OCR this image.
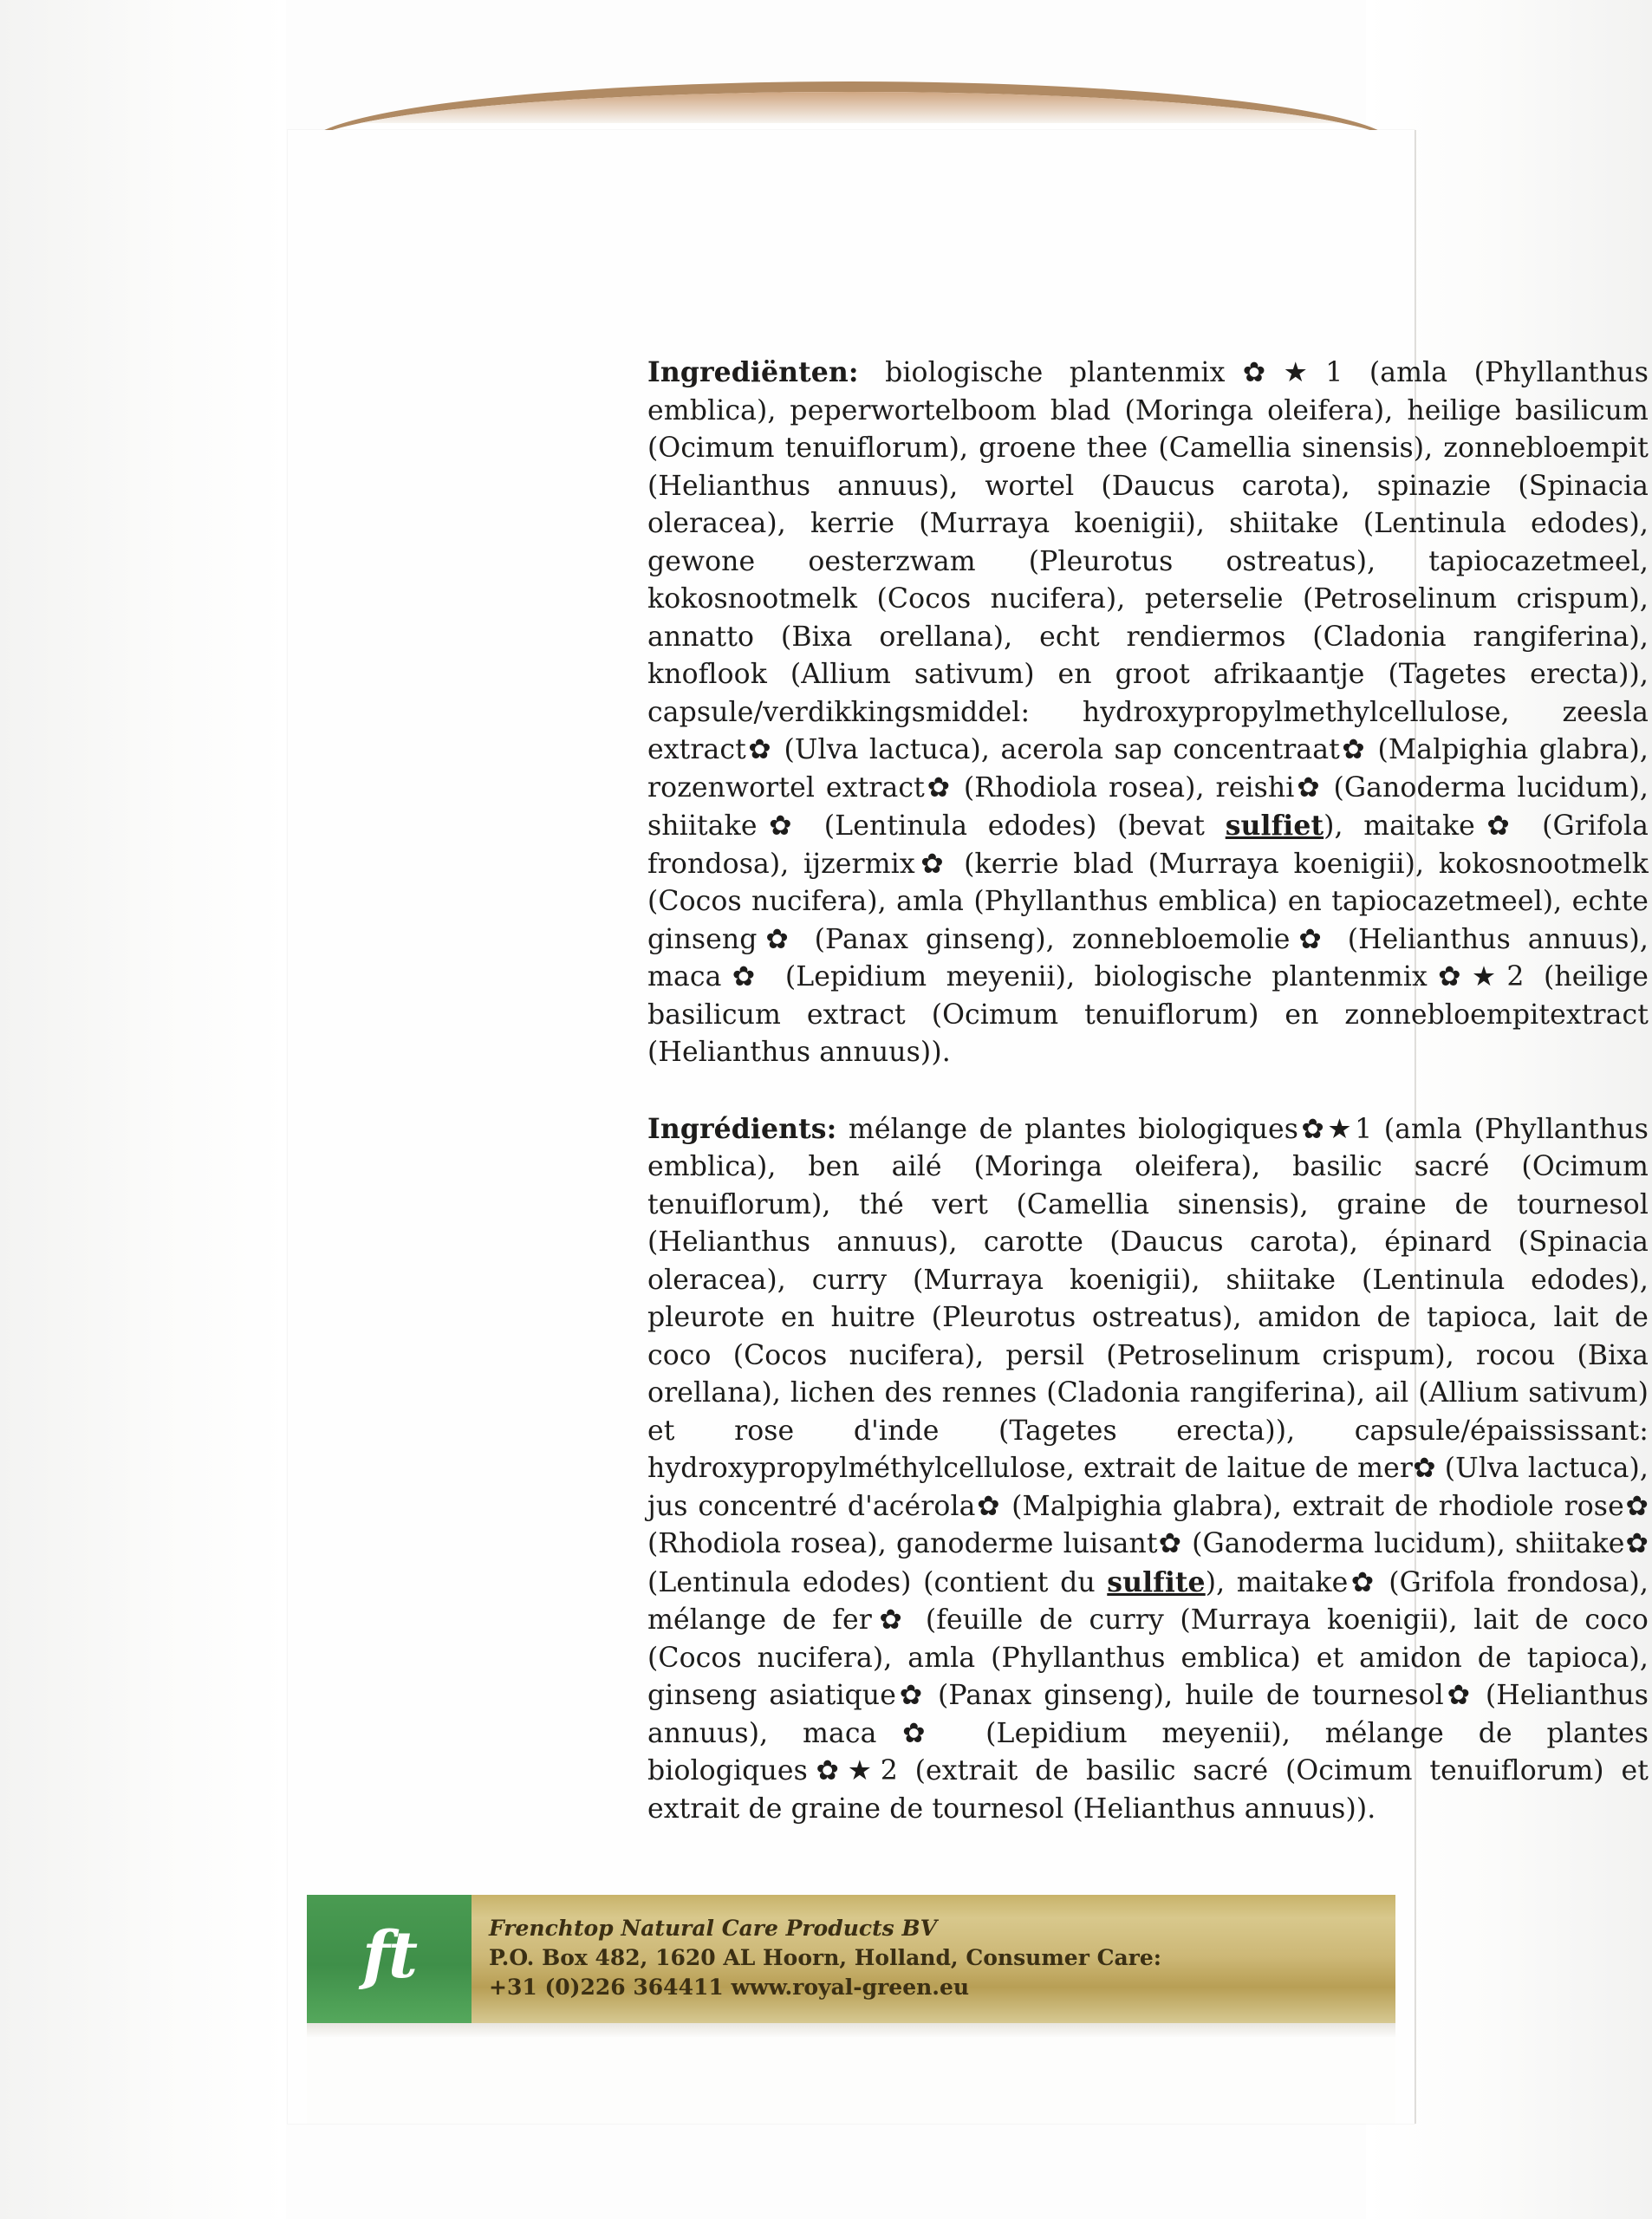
Ingrediënten: biologische plantenmix✿★1 (amla (Phyllanthus emblica), peperwortelboom blad (Moringa oleifera), heilige basilicum (Ocimum tenuiflorum), groene thee (Camellia sinensis), zonnebloempit (Helianthus annuus), wortel (Daucus carota), spinazie (Spinacia oleracea), kerrie (Murraya koenigii), shiitake (Lentinula edodes), gewone oesterzwam (Pleurotus ostreatus), tapiocazetmeel, kokosnootmelk (Cocos nucifera), peterselie (Petroselinum crispum), annatto (Bixa orellana), echt rendiermos (Cladonia rangiferina), knoflook (Allium sativum) en groot afrikaantje (Tagetes erecta)), capsule/verdikkingsmiddel: hydroxypropylmethylcellulose, zeesla extract✿ (Ulva lactuca), acerola sap concentraat✿ (Malpighia glabra), rozenwortel extract✿ (Rhodiola rosea), reishi✿ (Ganoderma lucidum), shiitake✿ (Lentinula edodes) (bevat sulfiet), maitake✿ (Grifola frondosa), ijzermix✿ (kerrie blad (Murraya koenigii), kokosnootmelk (Cocos nucifera), amla (Phyllanthus emblica) en tapiocazetmeel), echte ginseng✿ (Panax ginseng), zonnebloemolie✿ (Helianthus annuus), maca✿ (Lepidium meyenii), biologische plantenmix✿★2 (heilige basilicum extract (Ocimum tenuiflorum) en zonnebloempitextract (Helianthus annuus)).

Ingrédients: mélange de plantes biologiques✿★1 (amla (Phyllanthus emblica), ben ailé (Moringa oleifera), basilic sacré (Ocimum tenuiflorum), thé vert (Camellia sinensis), graine de tournesol (Helianthus annuus), carotte (Daucus carota), épinard (Spinacia oleracea), curry (Murraya koenigii), shiitake (Lentinula edodes), pleurote en huitre (Pleurotus ostreatus), amidon de tapioca, lait de coco (Cocos nucifera), persil (Petroselinum crispum), rocou (Bixa orellana), lichen des rennes (Cladonia rangiferina), ail (Allium sativum) et rose d'inde (Tagetes erecta)), capsule/épaississant: hydroxypropylméthylcellulose, extrait de laitue de mer✿ (Ulva lactuca), jus concentré d'acérola✿ (Malpighia glabra), extrait de rhodiole rose✿ (Rhodiola rosea), ganoderme luisant✿ (Ganoderma lucidum), shiitake✿ (Lentinula edodes) (contient du sulfite), maitake✿ (Grifola frondosa), mélange de fer✿ (feuille de curry (Murraya koenigii), lait de coco (Cocos nucifera), amla (Phyllanthus emblica) et amidon de tapioca), ginseng asiatique✿ (Panax ginseng), huile de tournesol✿ (Helianthus annuus), maca✿ (Lepidium meyenii), mélange de plantes biologiques✿★2 (extrait de basilic sacré (Ocimum tenuiflorum) et extrait de graine de tournesol (Helianthus annuus)).

ft	Frenchtop Natural Care Products BV
P.O. Box 482, 1620 AL Hoorn, Holland, Consumer Care:
+31 (0)226 364411 www.royal-green.eu
